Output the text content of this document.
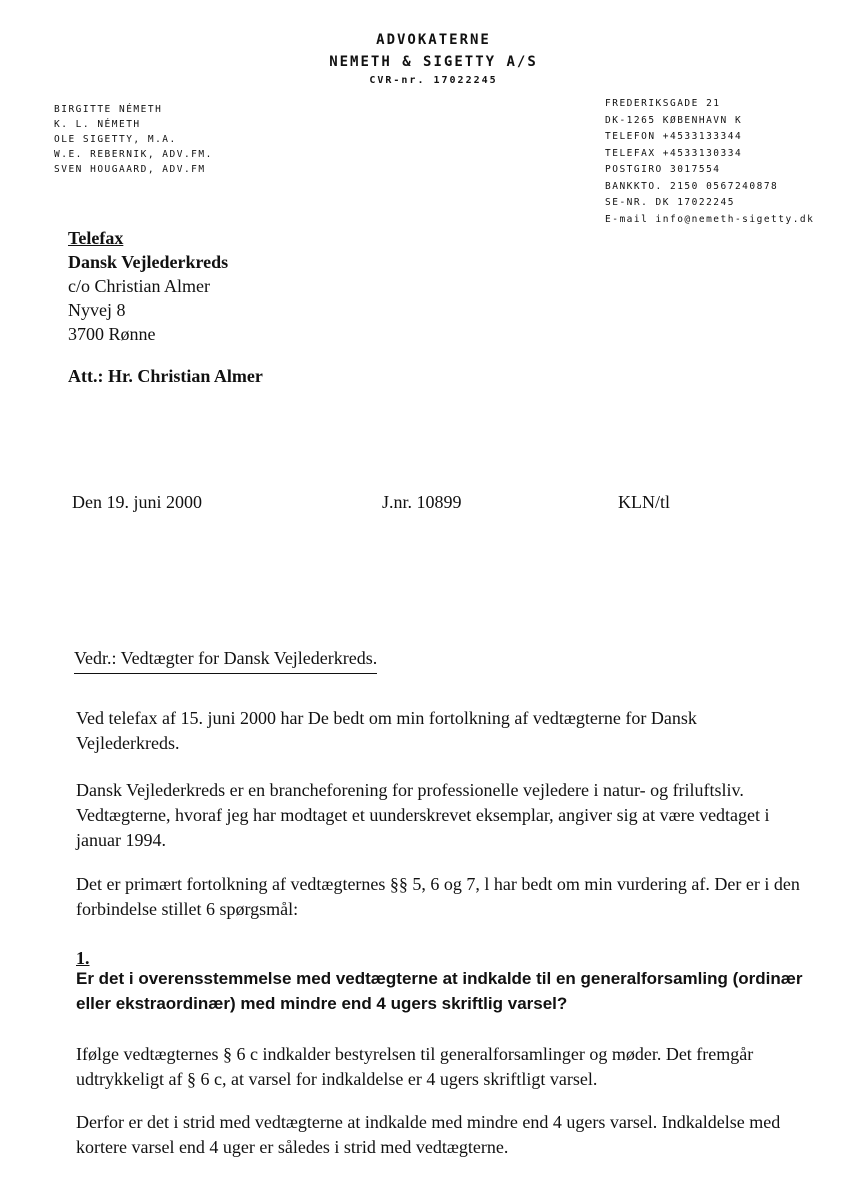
ADVOKATERNE
NEMETH & SIGETTY A/S
CVR-nr. 17022245
BIRGITTE NÉMETH
K. L. NÉMETH
OLE SIGETTY, M.A.
W.E. REBERNIK, ADV.FM.
SVEN HOUGAARD, ADV.FM
FREDERIKSGADE 21
DK-1265 KØBENHAVN K
TELEFON +4533133344
TELEFAX +4533130334
POSTGIRO 3017554
BANKKTO. 2150 0567240878
SE-NR. DK 17022245
E-mail info@nemeth-sigetty.dk
Telefax
Dansk Vejlederkreds
c/o Christian Almer
Nyvej 8
3700 Rønne
Att.: Hr. Christian Almer
Den 19. juni 2000	J.nr. 10899	KLN/tl
Vedr.: Vedtægter for Dansk Vejlederkreds.
Ved telefax af 15. juni 2000 har De bedt om min fortolkning af vedtægterne for Dansk Vejlederkreds.
Dansk Vejlederkreds er en brancheforening for professionelle vejledere i natur- og friluftsliv. Vedtægterne, hvoraf jeg har modtaget et uunderskrevet eksemplar, angiver sig at være vedtaget i januar 1994.
Det er primært fortolkning af vedtægternes §§ 5, 6 og 7, l har bedt om min vurdering af. Der er i den forbindelse stillet 6 spørgsmål:
1.
Er det i overensstemmelse med vedtægterne at indkalde til en generalforsamling (ordinær eller ekstraordinær) med mindre end 4 ugers skriftlig varsel?
Ifølge vedtægternes § 6 c indkalder bestyrelsen til generalforsamlinger og møder. Det fremgår udtrykkeligt af § 6 c, at varsel for indkaldelse er 4 ugers skriftligt varsel.
Derfor er det i strid med vedtægterne at indkalde med mindre end 4 ugers varsel. Indkaldelse med kortere varsel end 4 uger er således i strid med vedtægterne.
